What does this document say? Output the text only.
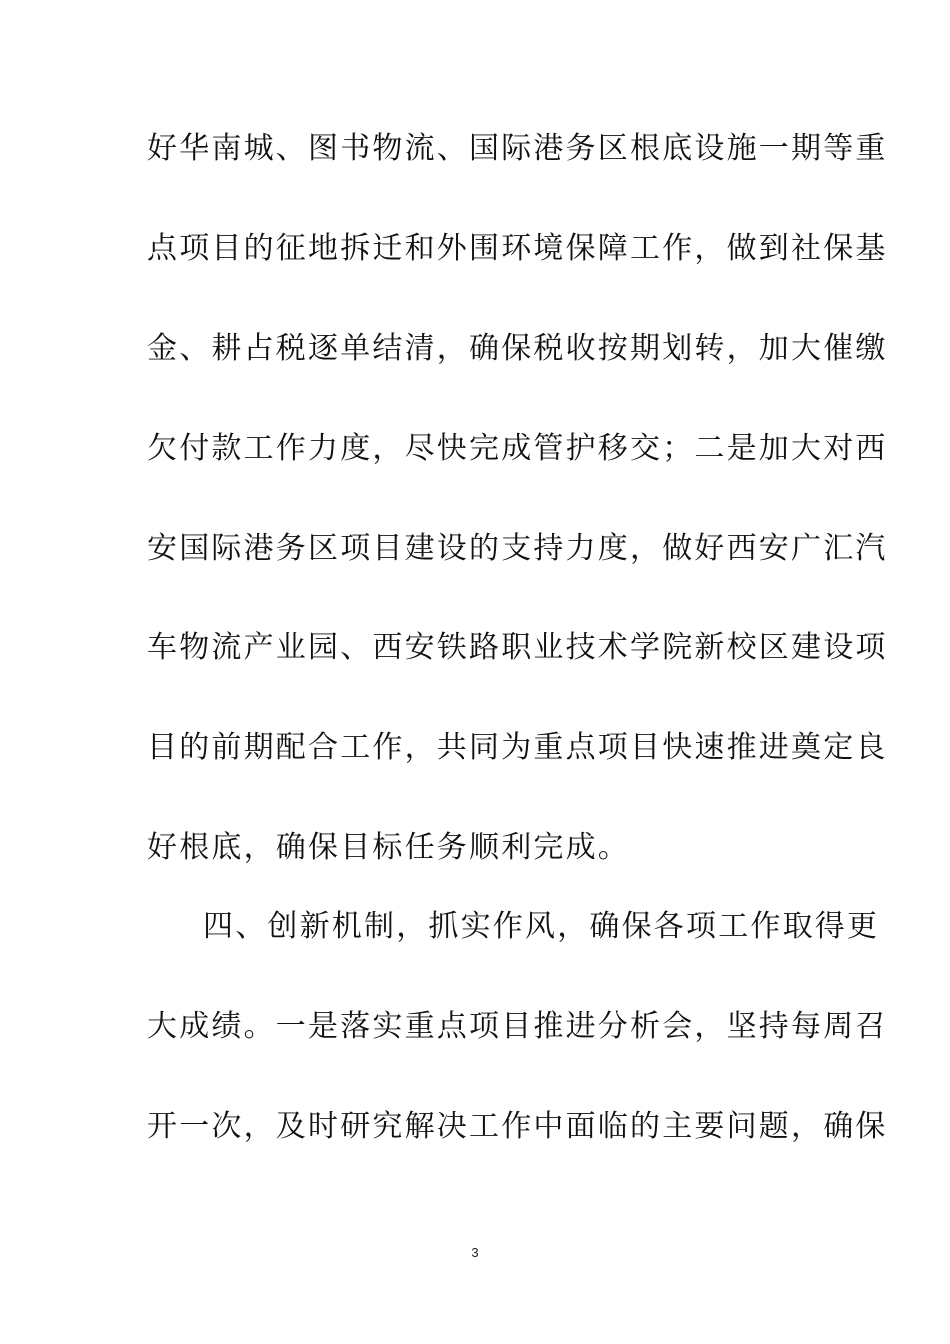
好华南城、图书物流、国际港务区根底设施一期等重

点项目的征地拆迁和外围环境保障工作，做到社保基

金、耕占税逐单结清，确保税收按期划转，加大催缴

欠付款工作力度，尽快完成管护移交；二是加大对西

安国际港务区项目建设的支持力度，做好西安广汇汽

车物流产业园、西安铁路职业技术学院新校区建设项

目的前期配合工作，共同为重点项目快速推进奠定良

好根底，确保目标任务顺利完成。

四、创新机制，抓实作风，确保各项工作取得更

大成绩。一是落实重点项目推进分析会，坚持每周召

开一次，及时研究解决工作中面临的主要问题，确保

3
